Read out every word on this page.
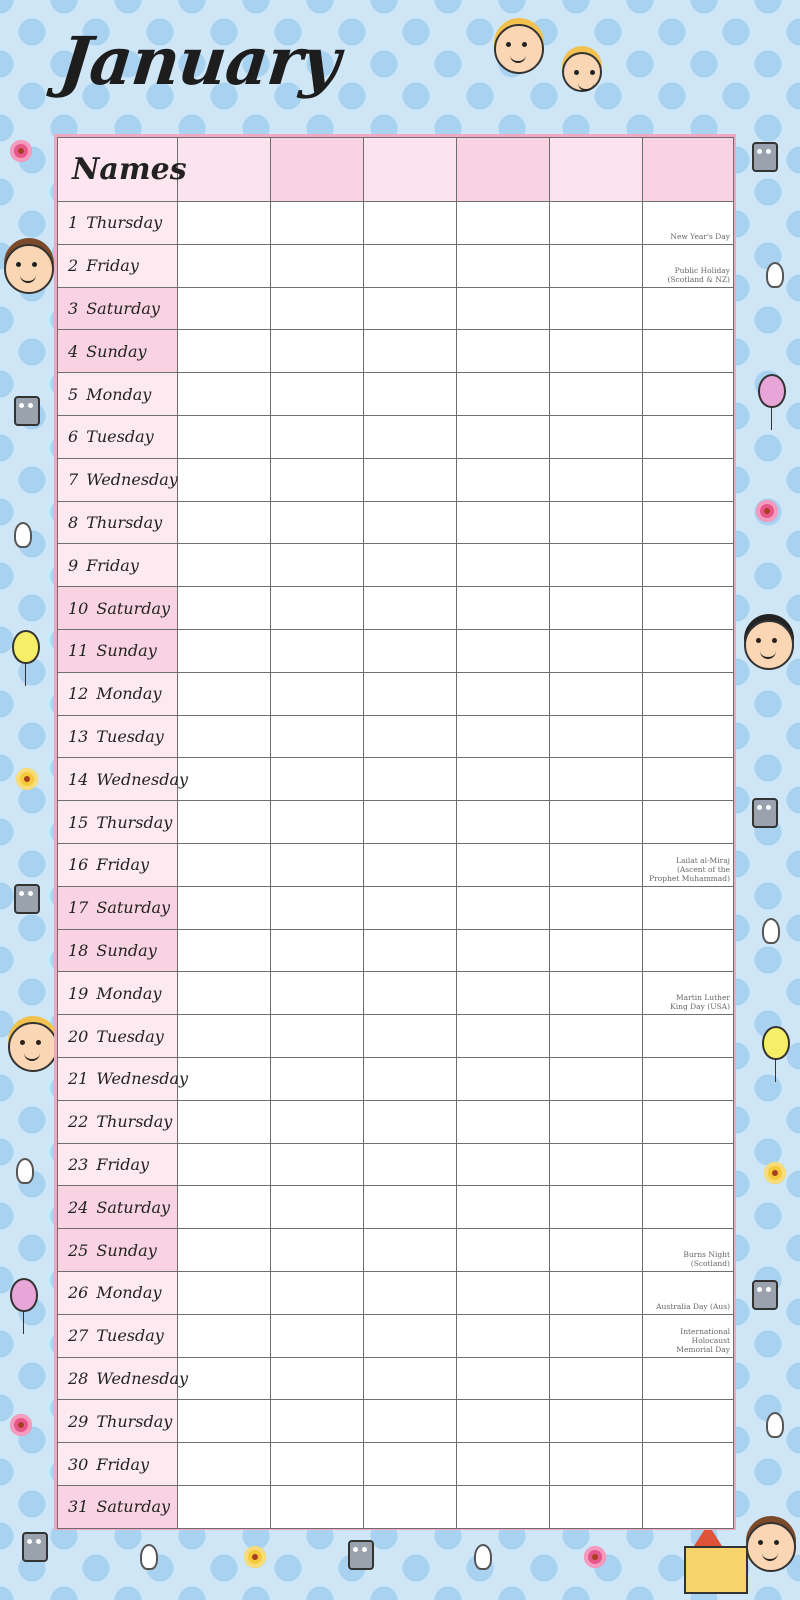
January
Names						
1 Thursday						New Year's Day

2 Friday						Public Holiday
(Scotland & NZ)

3 Saturday						
4 Sunday						
5 Monday						
6 Tuesday						
7 Wednesday						
8 Thursday						
9 Friday						
10 Saturday						
11 Sunday						
12 Monday						
13 Tuesday						
14 Wednesday						
15 Thursday						
16 Friday						Lailat al-Miraj
(Ascent of the
Prophet Muhammad)

17 Saturday						
18 Sunday						
19 Monday						Martin Luther
King Day (USA)

20 Tuesday						
21 Wednesday						
22 Thursday						
23 Friday						
24 Saturday						
25 Sunday						Burns Night (Scotland)

26 Monday						Australia Day (Aus)

27 Tuesday						International Holocaust
Memorial Day

28 Wednesday						
29 Thursday						
30 Friday						
31 Saturday						
